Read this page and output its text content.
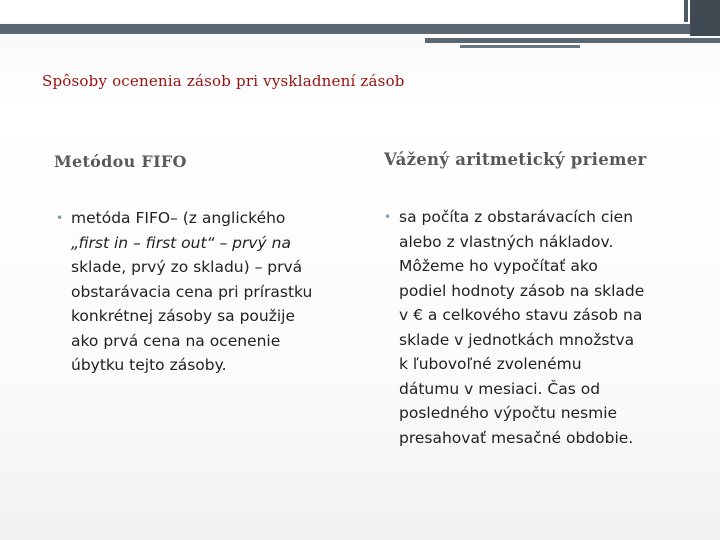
Spôsoby ocenenia zásob pri vyskladnení zásob
Metódou FIFO	Vážený aritmetický priemer
• metóda FIFO– (z anglického
„first in – first out“ – prvý na
sklade, prvý zo skladu) – prvá
obstarávacia cena pri prírastku
konkrétnej zásoby sa použije
ako prvá cena na ocenenie
úbytku tejto zásoby.
• sa počíta z obstarávacích cien
alebo z vlastných nákladov.
Môžeme ho vypočítať ako
podiel hodnoty zásob na sklade
v € a celkového stavu zásob na
sklade v jednotkách množstva
k ľubovoľné zvolenému
dátumu v mesiaci. Čas od
posledného výpočtu nesmie
presahovať mesačné obdobie.
